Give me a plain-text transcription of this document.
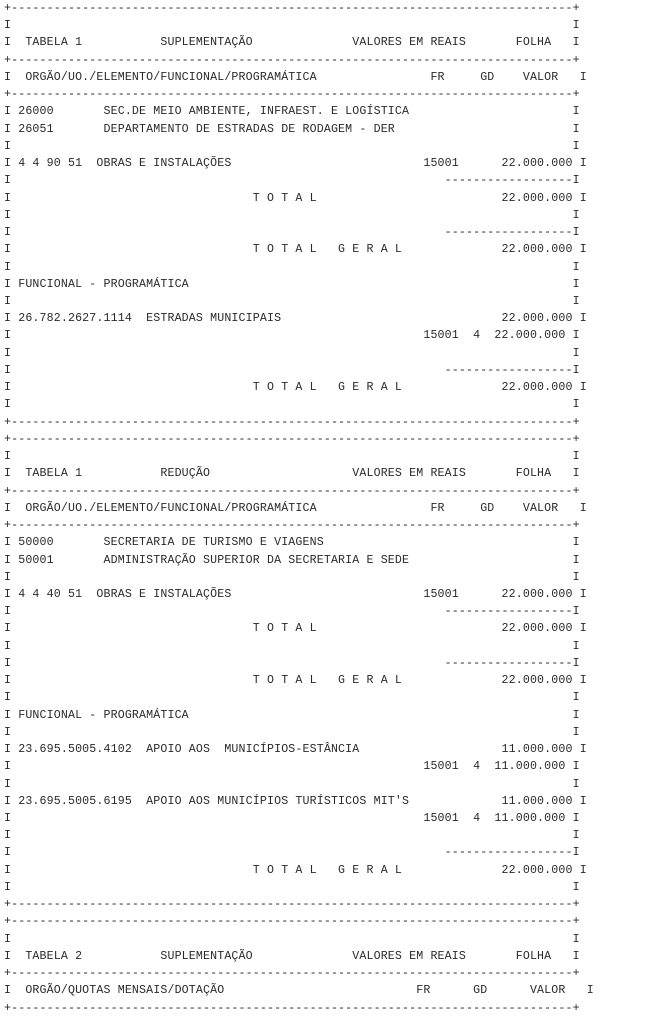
+-------------------------------------------------------------------------------+
I                                                                               I
I  TABELA 1           SUPLEMENTAÇÃO              VALORES EM REAIS       FOLHA   I
+-------------------------------------------------------------------------------+
I  ORGÃO/UO./ELEMENTO/FUNCIONAL/PROGRAMÁTICA                FR     GD    VALOR   I
+-------------------------------------------------------------------------------+
I 26000       SEC.DE MEIO AMBIENTE, INFRAEST. E LOGÍSTICA                       I
I 26051       DEPARTAMENTO DE ESTRADAS DE RODAGEM - DER                         I
I                                                                               I
I 4 4 90 51  OBRAS E INSTALAÇÕES                           15001      22.000.000 I
I                                                             ------------------I
I                                  T O T A L                          22.000.000 I
I                                                                               I
I                                                             ------------------I
I                                  T O T A L   G E R A L              22.000.000 I
I                                                                               I
I FUNCIONAL - PROGRAMÁTICA                                                      I
I                                                                               I
I 26.782.2627.1114  ESTRADAS MUNICIPAIS                               22.000.000 I
I                                                          15001  4  22.000.000 I
I                                                                               I
I                                                             ------------------I
I                                  T O T A L   G E R A L              22.000.000 I
I                                                                               I
+-------------------------------------------------------------------------------+
+-------------------------------------------------------------------------------+
I                                                                               I
I  TABELA 1           REDUÇÃO                    VALORES EM REAIS       FOLHA   I
+-------------------------------------------------------------------------------+
I  ORGÃO/UO./ELEMENTO/FUNCIONAL/PROGRAMÁTICA                FR     GD    VALOR   I
+-------------------------------------------------------------------------------+
I 50000       SECRETARIA DE TURISMO E VIAGENS                                   I
I 50001       ADMINISTRAÇÃO SUPERIOR DA SECRETARIA E SEDE                       I
I                                                                               I
I 4 4 40 51  OBRAS E INSTALAÇÕES                           15001      22.000.000 I
I                                                             ------------------I
I                                  T O T A L                          22.000.000 I
I                                                                               I
I                                                             ------------------I
I                                  T O T A L   G E R A L              22.000.000 I
I                                                                               I
I FUNCIONAL - PROGRAMÁTICA                                                      I
I                                                                               I
I 23.695.5005.4102  APOIO AOS  MUNICÍPIOS-ESTÂNCIA                    11.000.000 I
I                                                          15001  4  11.000.000 I
I                                                                               I
I 23.695.5005.6195  APOIO AOS MUNICÍPIOS TURÍSTICOS MIT'S             11.000.000 I
I                                                          15001  4  11.000.000 I
I                                                                               I
I                                                             ------------------I
I                                  T O T A L   G E R A L              22.000.000 I
I                                                                               I
+-------------------------------------------------------------------------------+
+-------------------------------------------------------------------------------+
I                                                                               I
I  TABELA 2           SUPLEMENTAÇÃO              VALORES EM REAIS       FOLHA   I
+-------------------------------------------------------------------------------+
I  ORGÃO/QUOTAS MENSAIS/DOTAÇÃO                           FR      GD      VALOR   I
+-------------------------------------------------------------------------------+
